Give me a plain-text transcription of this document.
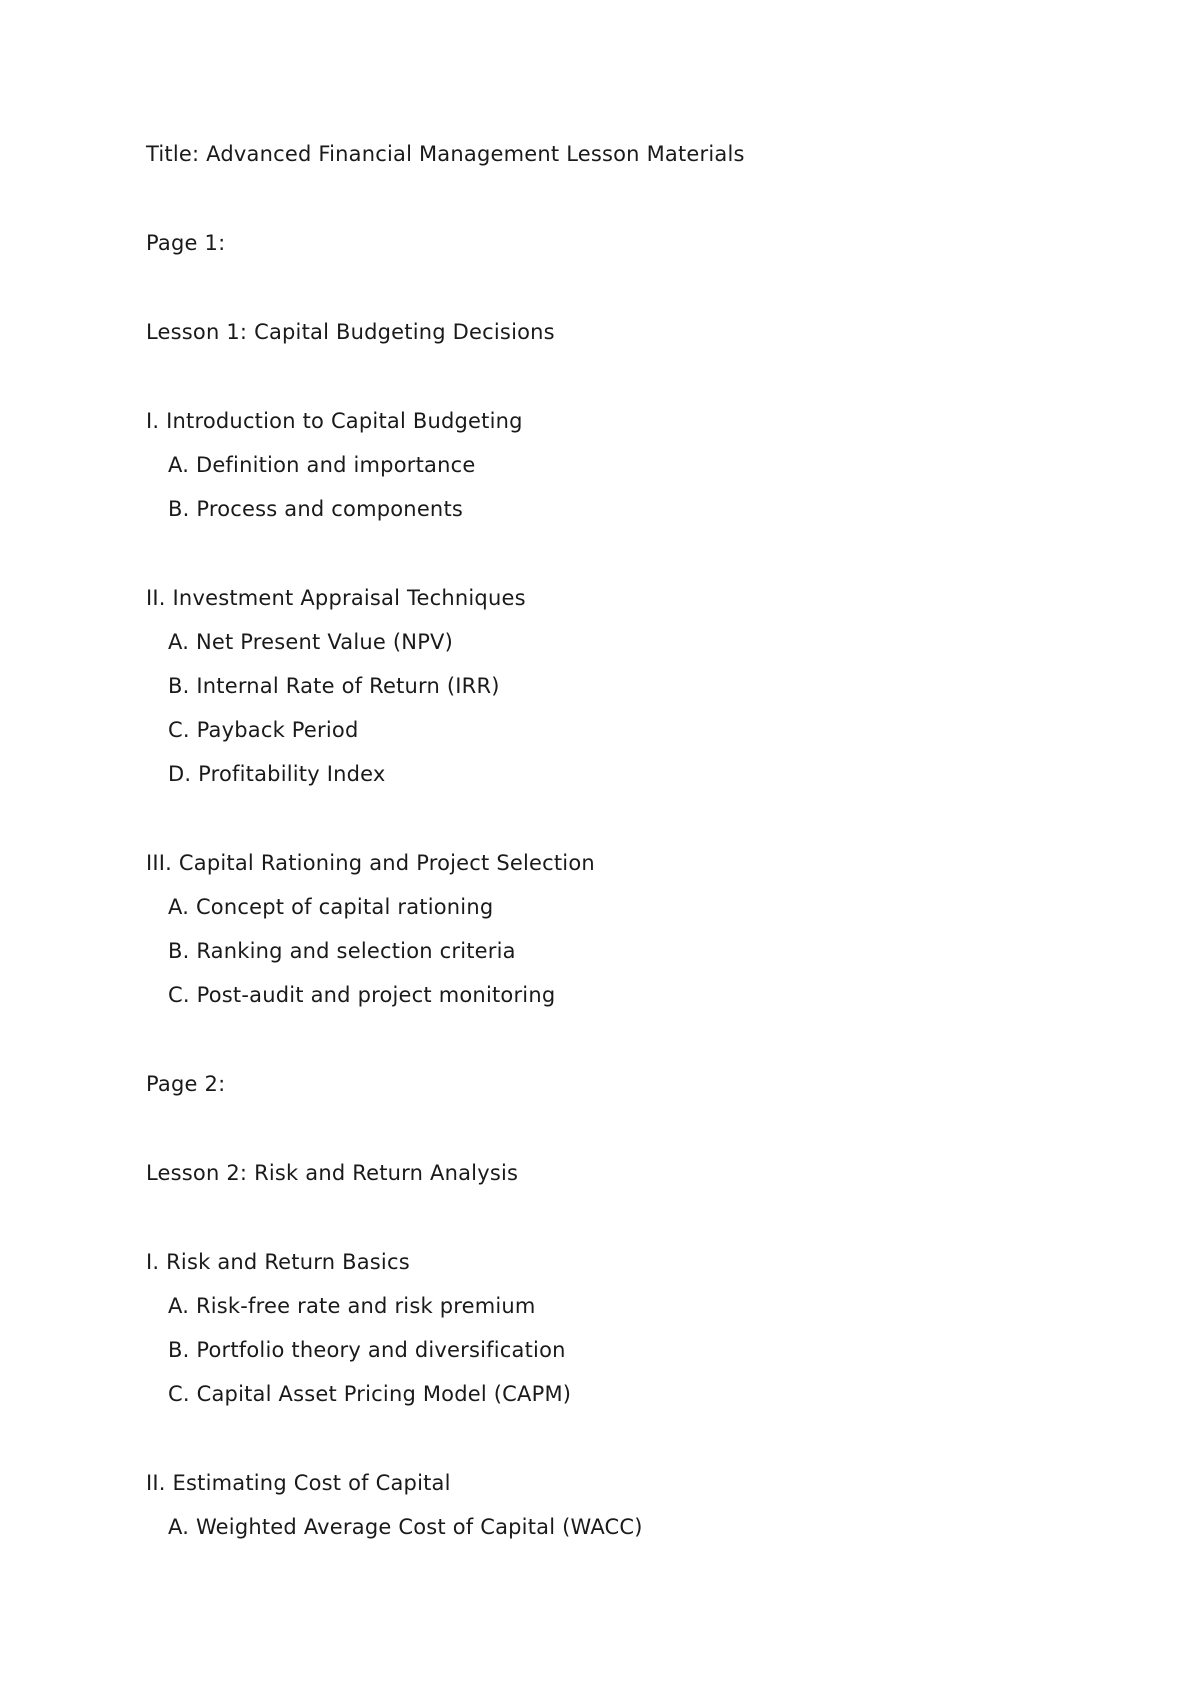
Title: Advanced Financial Management Lesson Materials
Page 1:
Lesson 1: Capital Budgeting Decisions
I. Introduction to Capital Budgeting
A. Definition and importance
B. Process and components
II. Investment Appraisal Techniques
A. Net Present Value (NPV)
B. Internal Rate of Return (IRR)
C. Payback Period
D. Profitability Index
III. Capital Rationing and Project Selection
A. Concept of capital rationing
B. Ranking and selection criteria
C. Post-audit and project monitoring
Page 2:
Lesson 2: Risk and Return Analysis
I. Risk and Return Basics
A. Risk-free rate and risk premium
B. Portfolio theory and diversification
C. Capital Asset Pricing Model (CAPM)
II. Estimating Cost of Capital
A. Weighted Average Cost of Capital (WACC)
